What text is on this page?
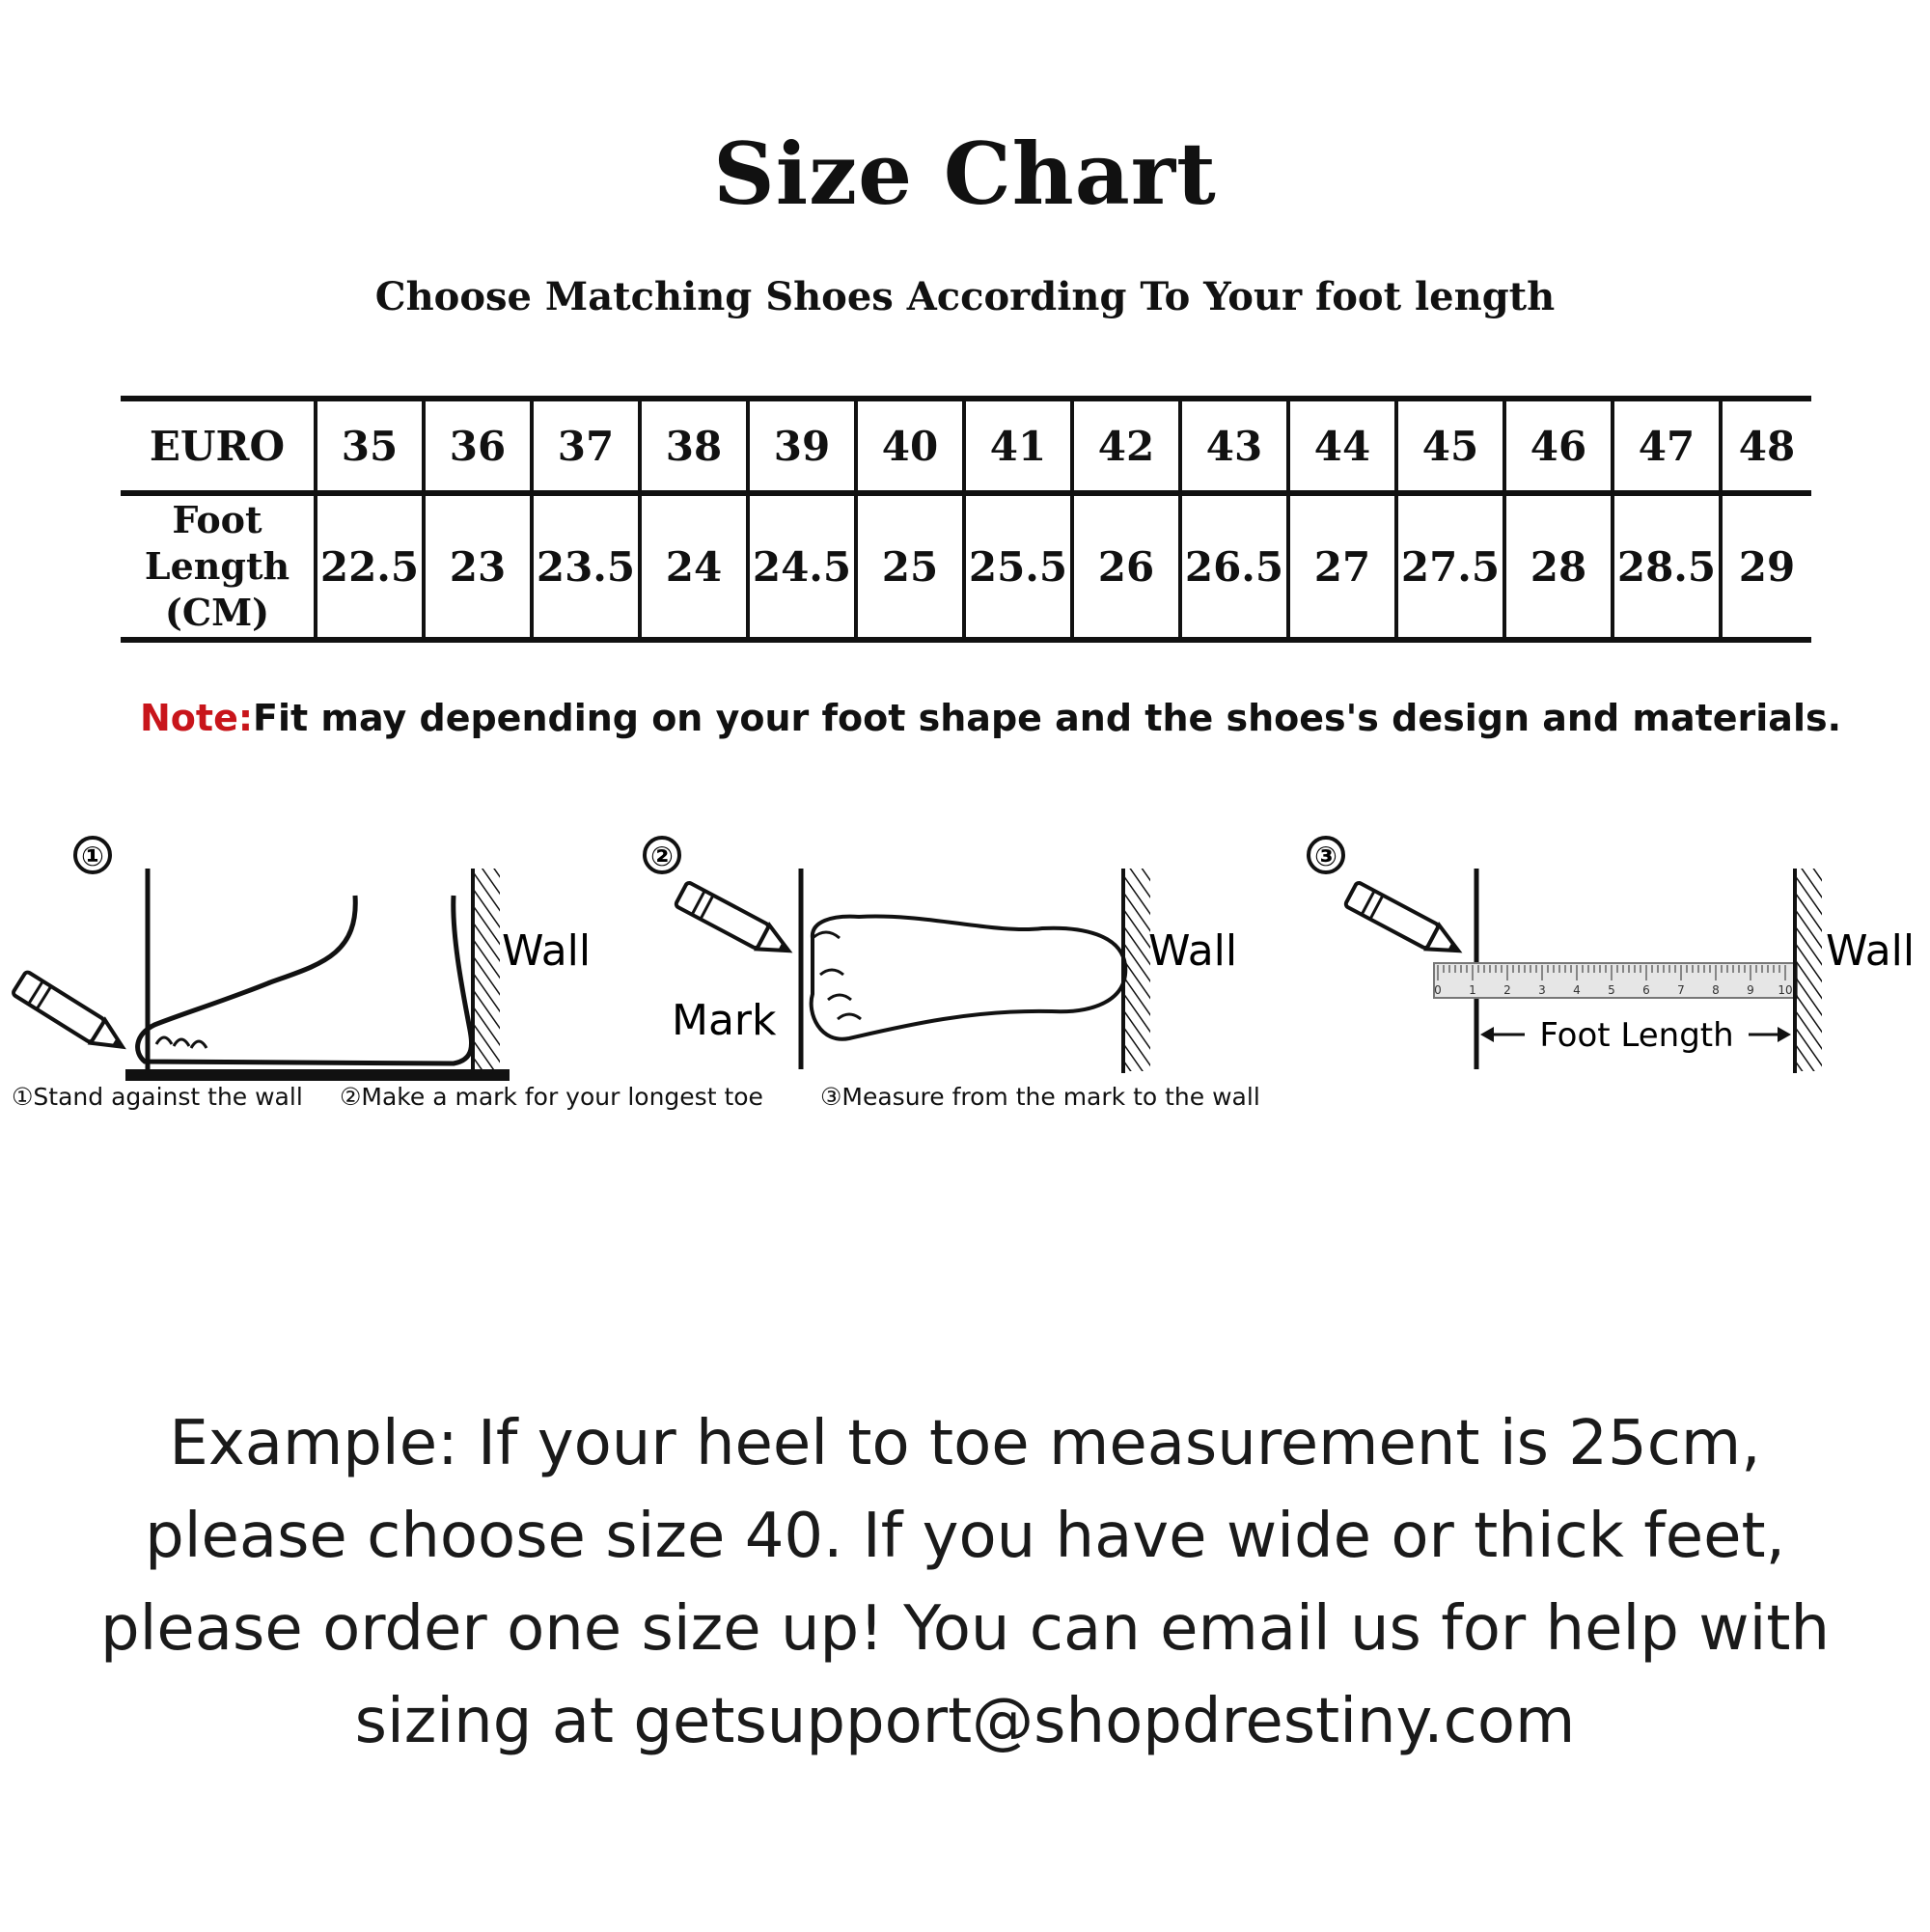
Size Chart
Choose Matching Shoes According To Your foot length
EURO	35	36	37	38	39	40	41	42	43	44	45	46	47	48
Foot
Length
(CM)	22.5	23	23.5	24	24.5	25	25.5	26	26.5	27	27.5	28	28.5	29
Note:Fit may depending on your foot shape and the shoes's design and materials.
①
Wall
②
Mark
Wall
③
0 1 2 3 4 5 6 7 8 9 10
Foot Length
Wall
①Stand against the wall ②Make a mark for your longest toe ③Measure from the mark to the wall

Example: If your heel to toe measurement is 25cm,

please choose size 40. If you have wide or thick feet,

please order one size up! You can email us for help with

sizing at getsupport@shopdrestiny.com
